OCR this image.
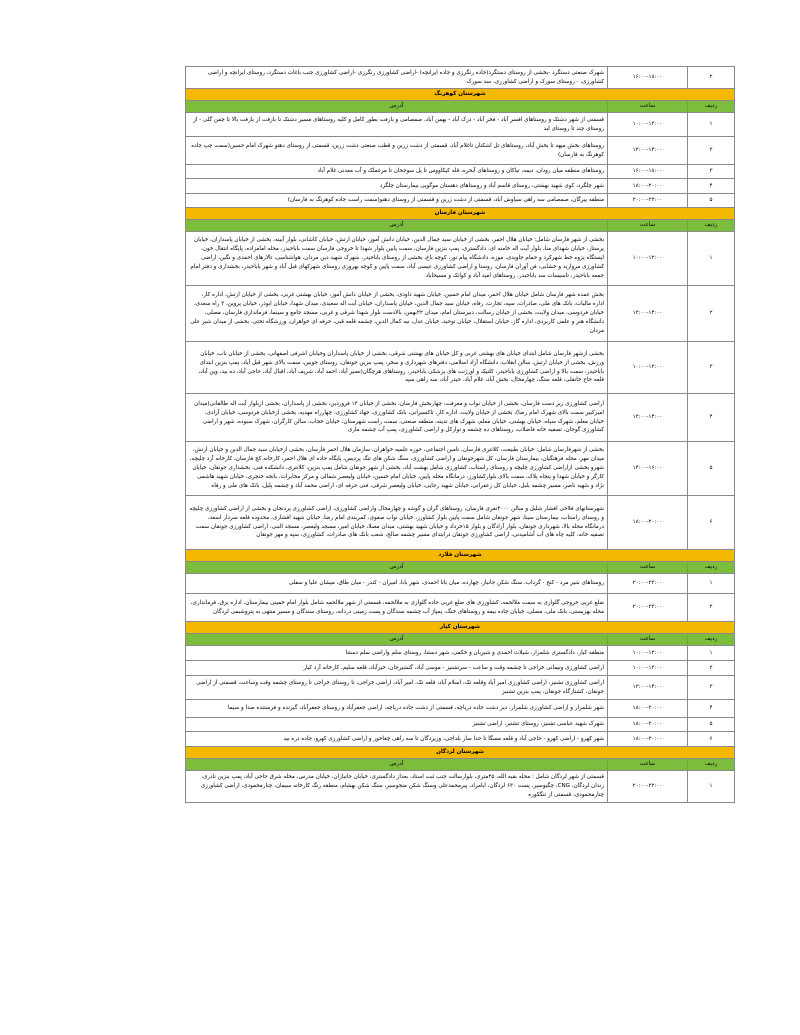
۲	۱۶:۰۰-۱۸:۰۰	شهرک صنعتی دستگرد -بخشی از روستای دستگرد(جاده رنگرزی و جاده ایرانچه) -اراضی کشاورزی رنگرزی -اراضی کشاورزی جنب باغات دستگرد، روستای ایرانچه و اراضی کشاورزی، - روستای سورک و اراضی کشاورزی، سد سورک
شهرستان کوهرنگ		
ردیف	ساعت	آدرس
۱	۱۰:۰۰-۱۲:۰۰	قسمتی از شهر دشتک و روستاهای افسر آباد - فخر آباد - دزک آباد - بهمن آباد، صمصامی و بازفت بطور کامل و کلیه روستاهای مسیر دشتک تا بازفت از بازفت بالا تا چمن گلی - از روستای چند تا روستای لبد
۲	۱۲:۰۰-۱۴:۰۰	روستاهای بخش میهه تا بخش آباد، روستاهای تل اشکنان تاغلام آباد، قسمتی از دشت زرین و قطب صنعتی دشت زرین، قسمتی از روستای دهنو شهرک امام حسین(سمت چپ جاده کوهرنگ به فارسان)
۳	۱۶:۰۰-۱۸:۰۰	روستاهای منطقه میان رودان، دیمه، تیاکان و روستاهای آبحره، قله کیکاووس تا پل سوجحان تا مرغملک و آب معدنی غلام آباد
۴	۱۸:۰۰-۲۰:۰۰	شهر چلگرد، کوی شهید بهشتی، روستای قاسم آباد و روستاهای دهستان موگویی بیمارستان چلگرد
۵	۲۰:۰۰-۲۲:۰۰	منطقه بیرگان، صمصامی سه راهی سیاوش آباد، قسمتی از دشت زرین و قسمتی از روستای دهنو(سمت راست جاده کوهرنگ به فارسان)
شهرستان فارسان		
ردیف	ساعت	آدرس
۱	۱۰:۰۰-۱۲:۰۰	بخشی از شهر فارسان شامل: خیابان هلال احمر، بخشی از خیابان سید جمال الدین، خیابان دانش آموز، خیابان ارتش، خیابان کاشانی، بلوار آبینه، بخشی از خیابان پاسداران، خیابان پرستار، خیابان شهدای منا، بلوار آیت اله خامنه ای، دادگستری، پمپ بنزین فارسان، سمت پایین بلوار شهدا تا خروجی فارسان سمت باباحیدر، محله امامزاده، پایگاه انتقال خون، ایستگاه پژوه خط شهرکرد و حمام جاویدی، موزه، دادشگاه پیام نور، کوچه باغ، بخشی از روستای باباحیدر، شهرک شهید دین مردان، هواشناسی، تالارهای احمدی و نگین، اراضی کشاورزی مروارید و خشایی، فن آوران فارسان، روستا و اراضی کشاورزی عیسی آباد، سمت پایین و کوچه بهروزی روستای شهرکهای قبل آباد و شهر باباحیدر، بخشداری و دفتر امام جمعه باباحیدر، تاسیسات سد باباحیدر، روستاهای امید آباد و کوانک و مسیحاباد
۲	۱۲:۰۰-۱۴:۰۰	بخش عمده شهر فارسان شامل خیابان هلال احمر، میدان امام حسین، خیابان شهید داودی، بخشی از خیابان دانش آموز، خیابان بهشتی غربی، بخشی از خیابان ارتش، اداره کار، اداره مالیات، بانک های ملی، صادرات، سپه، تجارت، رفاه، خیابان سید جمال الدین، خیابان پاسداران، خیابان آیت اله سعیدی، میدان شهدا، خیابان ابوذر، خیابان پروین، ۳ راه سعدی، خیابان فردوسی، میدان ولایت، بخشی از خیابان رسالت، دبیرستان امام، میدان ۲۲بهمن، بالادست بلوار شهدا شرقی و غربی، مسجد جامع و سینما، فرمانداری فارسان، مصلی، دانشگاه هنر و علمی کاربردی، اداره گاز، خیابان استقلال، خیابان توحید، خیابان عدل، نیه کمال الدین، چشمه قلعه قبی، حرفه ای خواهران، ورزشگاه تختی، بخشی از میدان شیر علی مردان
۳	۱۰:۰۰-۱۲:۰۰	بخشی ازشهر فارسان شامل ابتدای خیابان های بهشتی غربی و کل خیابان های بهشتی شرقی، بخشی از خیابان پاسداران وخیابان اشرفی اصفهانی، بخشی از خیابان ناب، خیابان ورزش، بخشی از خیابان ارتش، سالن انقلاب، دانشگاه آزاد اسلامی، دفترهای شهرداری و سحر، پمپ بنزین جونقان، روستای جوبین، سمت بالای شهر قبل آباد، پمپ بنزین ابتدای باباحیدر، سمت بالا و اراضی کشاورزی باباحیدر، کلنیک و اورژنت های پزشکی باباحیدر، روستاهای هرچگان(نصیر آباد، احمد آباد، شریف آباد، اقبال آباد، حاجی آباد، ده بید، وین آباد، قلعه حاج خانقلی، قلعه سنگ، چهارمحال، بخش آباد، غلام آباد، حیدر آباد، سه راهی سپه
۴	۱۲:۰۰-۱۴:۰۰	اراضی کشاورزی زیر دست فارسان، بخشی از خیابان نواب و معرفت، چهاربخش فارسان، بخشی از خیابان ۱۲ فروردین، بخشی از پاسداران، بخشی ازبلوار آیت اله طالقانی(میدان امیرکبیر سمت بالای شهرک امام رضا)، بخشی از خیابان ولایت، اداره کار، تاکسیرانی، بانک کشاورزی، جهاد کشاورزی، چهارراه مهدیه، بخشی ازخیابان فردوسی، خیابان آزادی، خیابان معلم، شهرک سپاه، خیابان بهشتی، خیابان معلم، شهرک های تدینه، منطقه صنعتی، سمت راست شهرستان، خیابان خجاب، سالن کارگران، شهرک سبوده، شهر و اراضی کشاورزی گوجان، تصفیه خانه فاضلاب، روستاهای ده چشمه و نوارکل و اراضی کشاورزی، پمپ آب چشمه ماری
۵	۱۴:۰۰-۱۶:۰۰	بخشی از شهرفارسان شامل: خیابان طبیعت، کلانتری فارسان، تامین اجتماعی، حوزه علمیه خواهران، سازمان هلال احمر فارسان، بخشی ازخیابان سید جمال الدین و خیابان ارتش، میدان مهر، محله فرهنگیان، بیمارستان فارسان، کل شهرجونقان و اراضی کشاورزی، سنگ شکن های تنگ پردیس، پایگاه جاده ای هلال احمر، کارخانه کچ فارسان، کارخانه آرد چلیچه، شهرو بخشی ازاراضی کشاورزی چلیچه و روستای راستاب، کشاورزی شامل بهشت آباد، بخشی از شهر جونقان شامل پمپ بنزین، کلانتری، دانشکده فنی، بخشداری جونقان، خیابان کارگر و خیابان شهدا و پنجاه پلاک، سمت بالای بلوارکشاورز، درمانگاه محله پایین، خیابان امام حسین، خیابان ولیعصر شمالی و مرکز مخابرات، بانجه خنجری، خیابان شهید هاشمی نژاد و شهید ناصر، مسیر چشمه بلبل، خیابان کل زعفرانی، خیابان شهید رجایی، خیابان ولیعصر شرقی، فنی حرفه ای، اراضی محمد آباد و چشمه پلیل، بانک های ملی و رفاه
۶	۱۸:۰۰-۲۰:۰۰	شهرستانهای فلاحی افشار شلیل و سالن ۴۰۰۰نفری فارسان، روستاهای گران و گوشه و چهارمحال واراضی کشاورزی، اراضی کشاورزی پردنجان و بخشی از اراضی کشاورزی چلیچه و روستای راستاب، بیمارستان سینا، شهر جونقان شامل سمت پایین بلوار کشاورز، خیابان نواب صفوی، کمربندی امام رضا، خیابان شهید افشاری، محدوده قلعه سردار اسعد، درمانگاه محله بالا، شهرداری جونقان، بلوار آزادگان و بلوار ۱۵خرداد و خیابان شهید بهشتی، میدان مصلا، خیابان امیر، مسجد ولیعصر، مسجد النبی، اراضی کشاورزی جونقان سمت تصفیه خانه، کلیه چاه های آب آشامیدنی، اراضی کشاورزی جونقان درابتدای مسیر چشمه صالح، شعب بانک های صادرات، کشاورزی، سپه و مهر جونقان
شهرستان فلارد		
ردیف	ساعت	آدرس
۱	۲۰:۰۰-۲۲:۰۰	روستاهای شیر مرد - کنج - گرداب، سنگ شکن جانباز، چهارده، میان بانا احمدی، شهر بابا، امیران - کندر - میان طاق، میشان علیا و سفلی
۲	۲۰:۰۰-۲۲:۰۰	ضلع غربی خروجی گلوازی به سمت ملالحمه، کشاورزی های ضلع غربی جاده گلوازی به ملالحمه، قسمتی از شهر ملالحمه شامل بلوار امام خمینی بیمارستان، اداره برق، فرمانداری، محله بهزیستی، بانک ملی، مصلی، خیابان جاده بیمه و روستاهای خنگ، پمپاژ آب چشمه سندگان و پست زمینی دردانه، روستای سندگان و مسیر منتهی به پتروشیمی لردگان
شهرستان کیار		
ردیف	ساعت	آدرس
۱	۱۰:۰۰-۱۲:۰۰	منطقه کیار، دادگستری شلمزار، شیلات احمدی و شیربان و خکمی، شهر دستنا، روستای سلم واراضی سلم دستنا
۲	۱۰:۰۰-۱۲:۰۰	اراضی کشاورزی ونیمانی خراجی تا چشمه وقت و ساعت - سرتشنیز - موسی آباد، گنشیرجان، خیرآباد، قلعه سلیم، کارخانه آرد کیار
۳	۱۲:۰۰-۱۴:۰۰	اراضی کشاورزی تشنیز، اراضی کشاورزی امیر آباد وقلعه تک، اسلام آباد، قلعه تک، امیر آباد، اراضی خراجی، تا روستای خراجی تا روستای چشمه وقت وساعت، قسمتی از اراضی جونقان، کشتارگاه جونقان، پمپ بنزین تشنیز
۴	۱۸:۰۰-۲۰:۰۰	شهر شلمزار و اراضی کشاورزی شلمزار، دیز دشت جاده دریاچه، قسمتی از دشت جاده دریاچه، اراضی جعفرآباد و روستای جعفرآباد، گیرنده و فرستنده صدا و سیما
۵	۱۸:۰۰-۲۰:۰۰	شهرک شهید عباسی تشنیز، روستای تشنیز، اراضی تشنیز
۶	۱۸:۰۰-۲۰:۰۰	شهر کهرو - اراضی کهرو - حاجی آباد و قلعه مسگا تا حدا ساز بلداجی، وزیردگان تا سه راهی چغاخور و اراضی کشاورزی کهرو، جاده دره بید
شهرستان لردگان		
ردیف	ساعت	آدرس
۱	۲۰:۰۰-۲۲:۰۰	قسمتی از شهر لردگان شامل : محله بقیه الله، ۴۵متری، بلوارسالت جنب ثبت اسناد، بعداز دادگستری، خیابان جانبازان، خیابان مدرس، محله شرق حاجی آباد، پمپ بنزین نادری، زندان لردگان، CNG، چگیوسیر، پست ۶۳۰ لردگان، ابامراد، پیرمحمدعلی وسنگ شکن منجوسیر، سنگ شکن بهشام، منطقه رنگ کارخانه سیمان، چنارمحمودی، اراضی کشاورزی چنارمحمودی، قسمتی از تنگکوره
